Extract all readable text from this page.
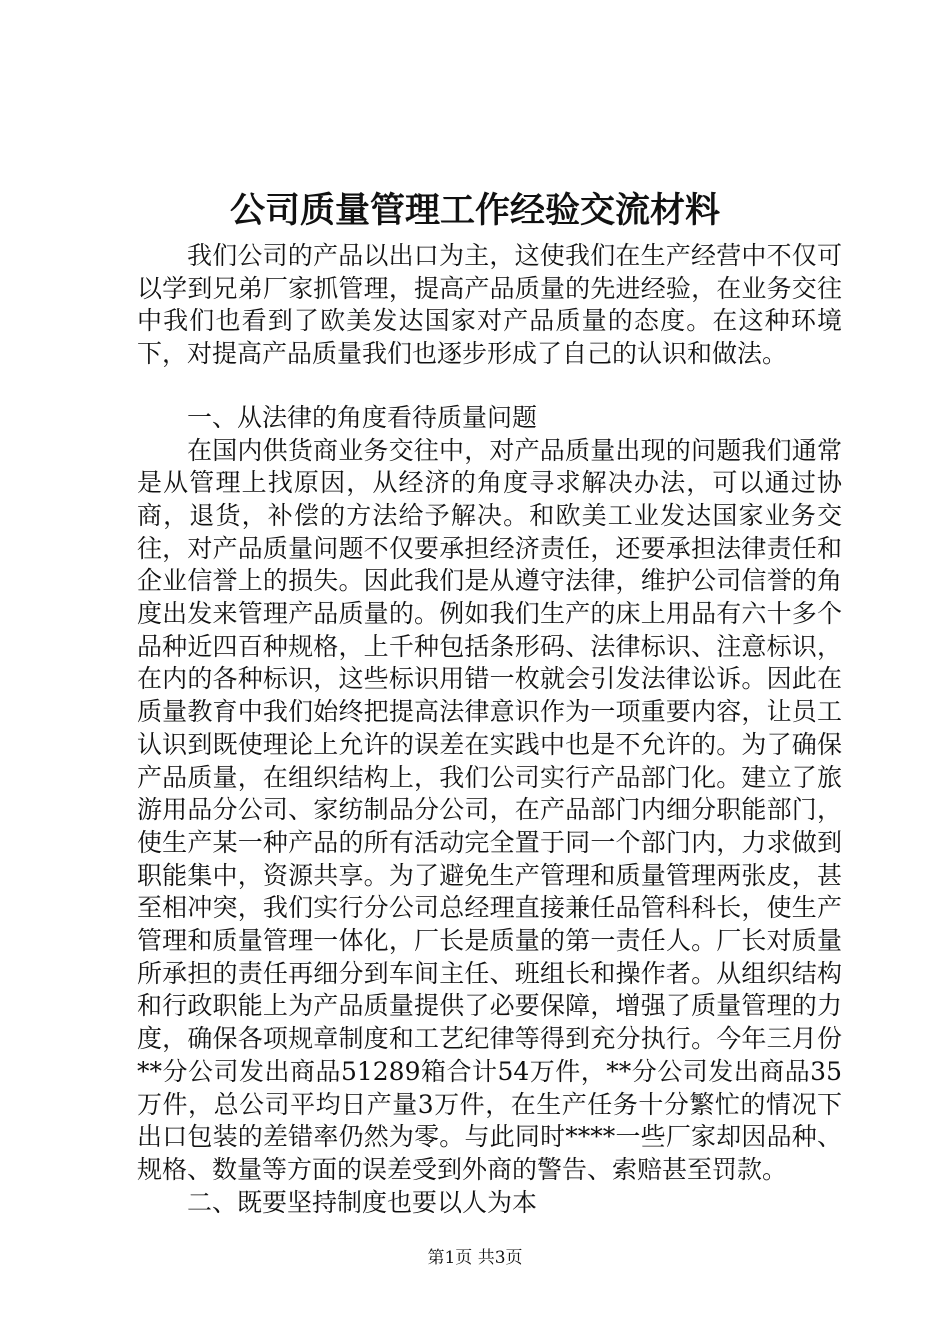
公司质量管理工作经验交流材料

我们公司的产品以出口为主，这使我们在生产经营中不仅可以学到兄弟厂家抓管理，提高产品质量的先进经验，在业务交往中我们也看到了欧美发达国家对产品质量的态度。在这种环境下，对提高产品质量我们也逐步形成了自己的认识和做法。

一、从法律的角度看待质量问题

在国内供货商业务交往中，对产品质量出现的问题我们通常是从管理上找原因，从经济的角度寻求解决办法，可以通过协商，退货，补偿的方法给予解决。和欧美工业发达国家业务交往，对产品质量问题不仅要承担经济责任，还要承担法律责任和企业信誉上的损失。因此我们是从遵守法律，维护公司信誉的角度出发来管理产品质量的。例如我们生产的床上用品有六十多个品种近四百种规格，上千种包括条形码、法律标识、注意标识，在内的各种标识，这些标识用错一枚就会引发法律讼诉。因此在质量教育中我们始终把提高法律意识作为一项重要内容，让员工认识到既使理论上允许的误差在实践中也是不允许的。为了确保产品质量，在组织结构上，我们公司实行产品部门化。建立了旅游用品分公司、家纺制品分公司，在产品部门内细分职能部门，使生产某一种产品的所有活动完全置于同一个部门内，力求做到职能集中，资源共享。为了避免生产管理和质量管理两张皮，甚至相冲突，我们实行分公司总经理直接兼任品管科科长，使生产管理和质量管理一体化，厂长是质量的第一责任人。厂长对质量所承担的责任再细分到车间主任、班组长和操作者。从组织结构和行政职能上为产品质量提供了必要保障，增强了质量管理的力度，确保各项规章制度和工艺纪律等得到充分执行。今年三月份**分公司发出商品51289箱合计54万件，**分公司发出商品35万件，总公司平均日产量3万件，在生产任务十分繁忙的情况下出口包装的差错率仍然为零。与此同时****一些厂家却因品种、规格、数量等方面的误差受到外商的警告、索赔甚至罚款。

二、既要坚持制度也要以人为本

第1页 共3页
